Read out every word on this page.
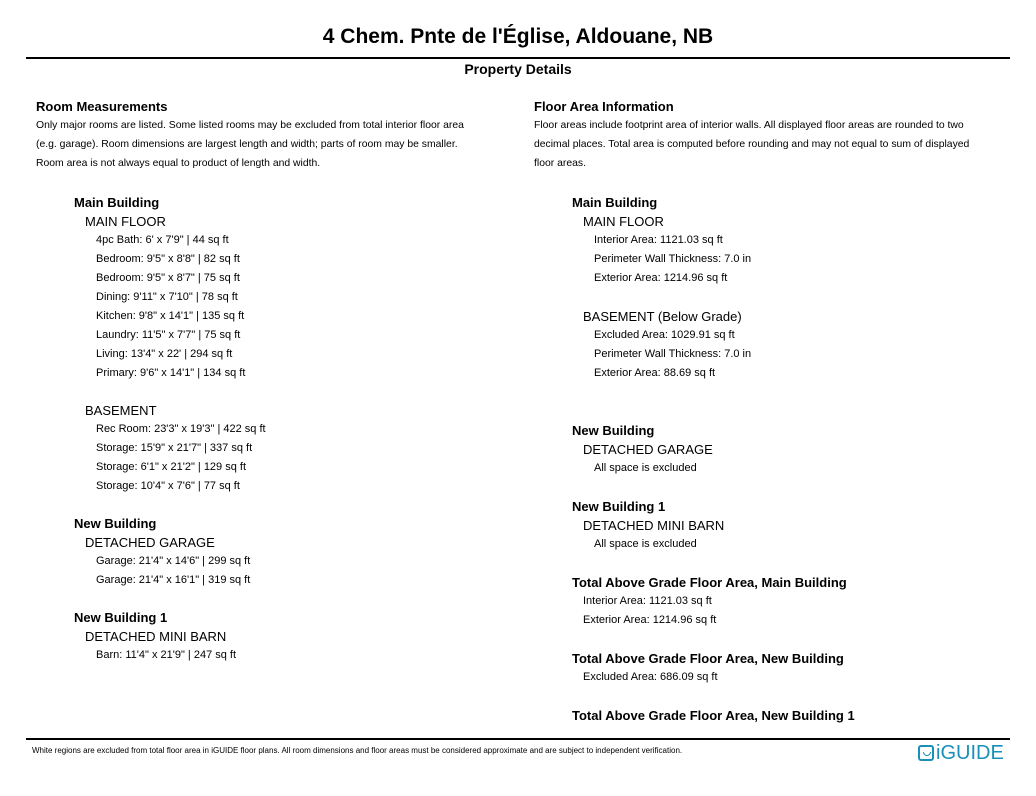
4 Chem. Pnte de l'Église, Aldouane, NB
Property Details
Room Measurements
Only major rooms are listed. Some listed rooms may be excluded from total interior floor area
(e.g. garage). Room dimensions are largest length and width; parts of room may be smaller.
Room area is not always equal to product of length and width.
Main Building
MAIN FLOOR
4pc Bath: 6' x 7'9" | 44 sq ft
Bedroom: 9'5" x 8'8" | 82 sq ft
Bedroom: 9'5" x 8'7" | 75 sq ft
Dining: 9'11" x 7'10" | 78 sq ft
Kitchen: 9'8" x 14'1" | 135 sq ft
Laundry: 11'5" x 7'7" | 75 sq ft
Living: 13'4" x 22' | 294 sq ft
Primary: 9'6" x 14'1" | 134 sq ft
BASEMENT
Rec Room: 23'3" x 19'3" | 422 sq ft
Storage: 15'9" x 21'7" | 337 sq ft
Storage: 6'1" x 21'2" | 129 sq ft
Storage: 10'4" x 7'6" | 77 sq ft
New Building
DETACHED GARAGE
Garage: 21'4" x 14'6" | 299 sq ft
Garage: 21'4" x 16'1" | 319 sq ft
New Building 1
DETACHED MINI BARN
Barn: 11'4" x 21'9" | 247 sq ft
Floor Area Information
Floor areas include footprint area of interior walls. All displayed floor areas are rounded to two
decimal places. Total area is computed before rounding and may not equal to sum of displayed
floor areas.
Main Building
MAIN FLOOR
Interior Area: 1121.03 sq ft
Perimeter Wall Thickness: 7.0 in
Exterior Area: 1214.96 sq ft
BASEMENT (Below Grade)
Excluded Area: 1029.91 sq ft
Perimeter Wall Thickness: 7.0 in
Exterior Area: 88.69 sq ft
New Building
DETACHED GARAGE
All space is excluded
New Building 1
DETACHED MINI BARN
All space is excluded
Total Above Grade Floor Area, Main Building
Interior Area: 1121.03 sq ft
Exterior Area: 1214.96 sq ft
Total Above Grade Floor Area, New Building
Excluded Area: 686.09 sq ft
Total Above Grade Floor Area, New Building 1
White regions are excluded from total floor area in iGUIDE floor plans. All room dimensions and floor areas must be considered approximate and are subject to independent verification.	iGUIDE
